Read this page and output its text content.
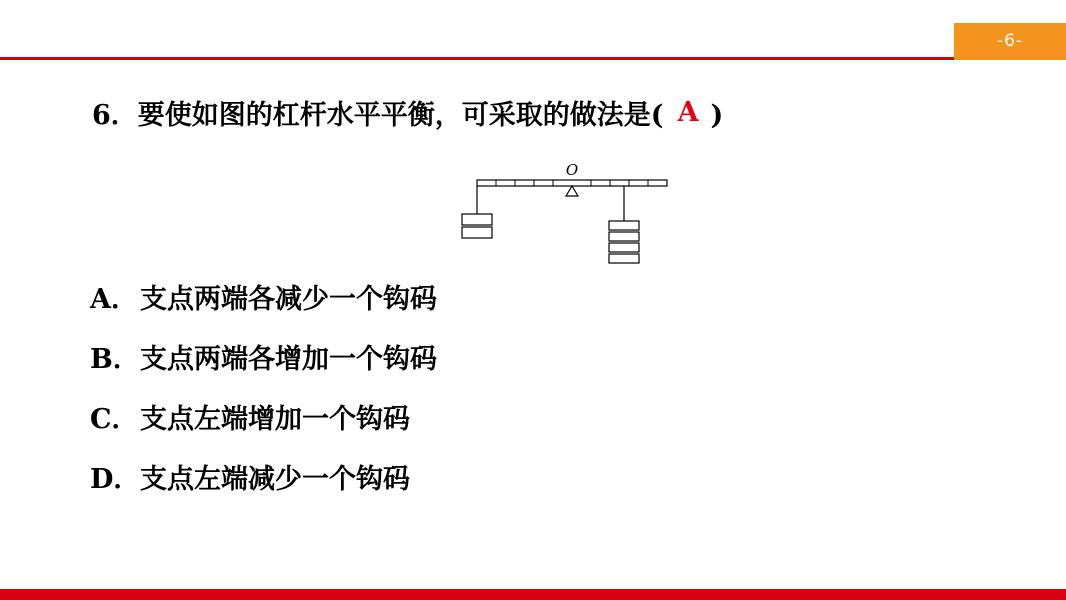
-6-
6．要使如图的杠杆水平平衡，可采取的做法是( A )
O
A．支点两端各减少一个钩码
B．支点两端各增加一个钩码
C．支点左端增加一个钩码
D．支点左端减少一个钩码
